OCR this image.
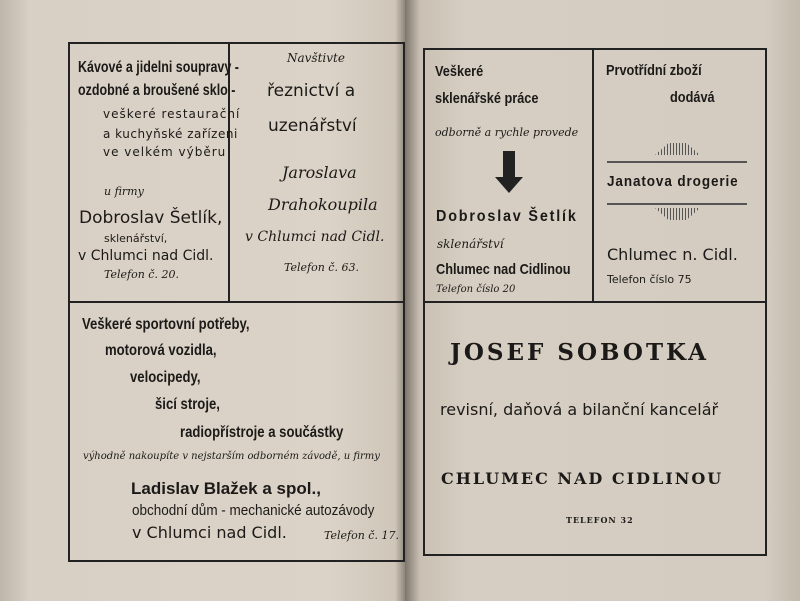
Kávové a jidelni soupravy -
ozdobné a broušené sklo -
veškeré restaurační
a kuchyňské zařízeni
ve velkém výběru
u firmy
Dobroslav Šetlík,
sklenářství,
v Chlumci nad Cidl.
Telefon č. 20.
Navštivte
řeznictví a
uzenářství
Jaroslava
Drahokoupila
v Chlumci nad Cidl.
Telefon č. 63.
Veškeré sportovní potřeby,
motorová vozidla,
velocipedy,
šicí stroje,
radiopřístroje a součástky
výhodně nakoupíte v nejstarším odborném závodě, u firmy
Ladislav Blažek a spol.,
obchodní dům - mechanické autozávody
v Chlumci nad Cidl.	Telefon č. 17.
Veškeré
sklenářské práce
odborně a rychle provede
Dobroslav Šetlík
sklenářství
Chlumec nad Cidlinou
Telefon číslo 20
Prvotřídní zboží
dodává
Janatova drogerie
Chlumec n. Cidl.
Telefon číslo 75
JOSEF SOBOTKA
revisní, daňová a bilanční kancelář
CHLUMEC NAD CIDLINOU
TELEFON 32
